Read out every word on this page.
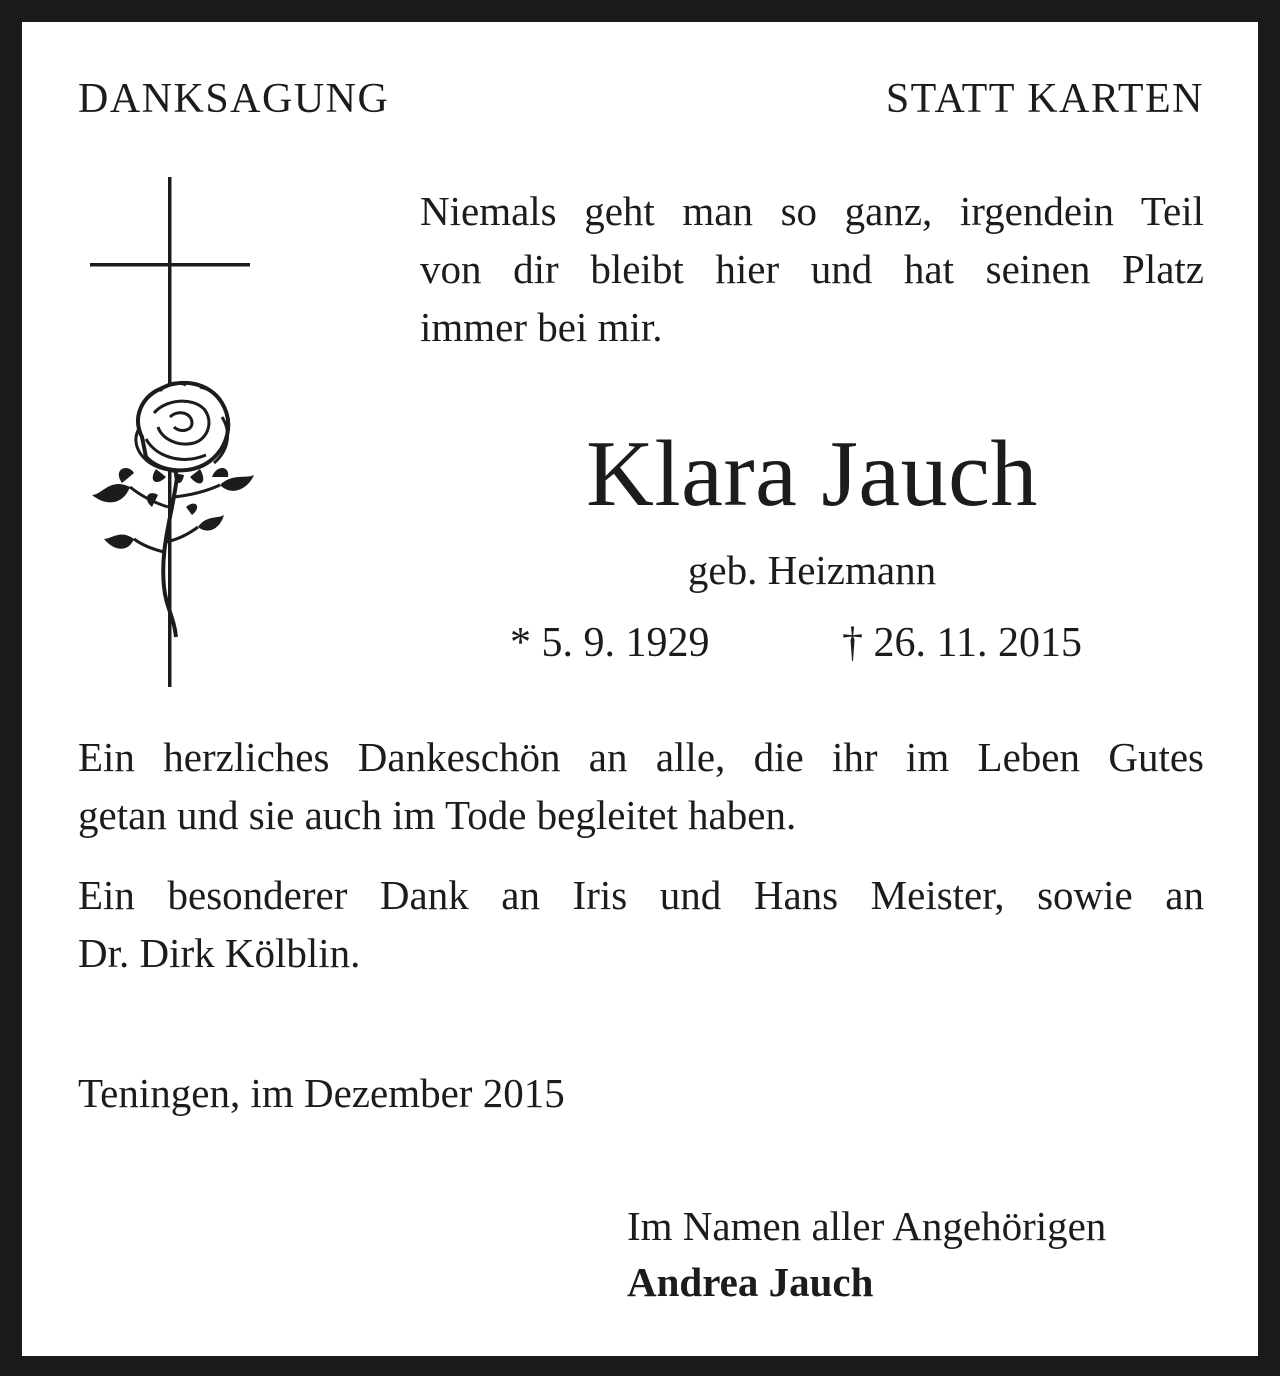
DANKSAGUNG	STATT KARTEN
Niemals geht man so ganz, irgendein Teil
von dir bleibt hier und hat seinen Platz
immer bei mir.
Klara Jauch
geb. Heizmann
* 5. 9. 1929	† 26. 11. 2015
Ein herzliches Dankeschön an alle, die ihr im Leben Gutes
getan und sie auch im Tode begleitet haben.
Ein besonderer Dank an Iris und Hans Meister, sowie an
Dr. Dirk Kölblin.
Teningen, im Dezember 2015
Im Namen aller Angehörigen
Andrea Jauch
